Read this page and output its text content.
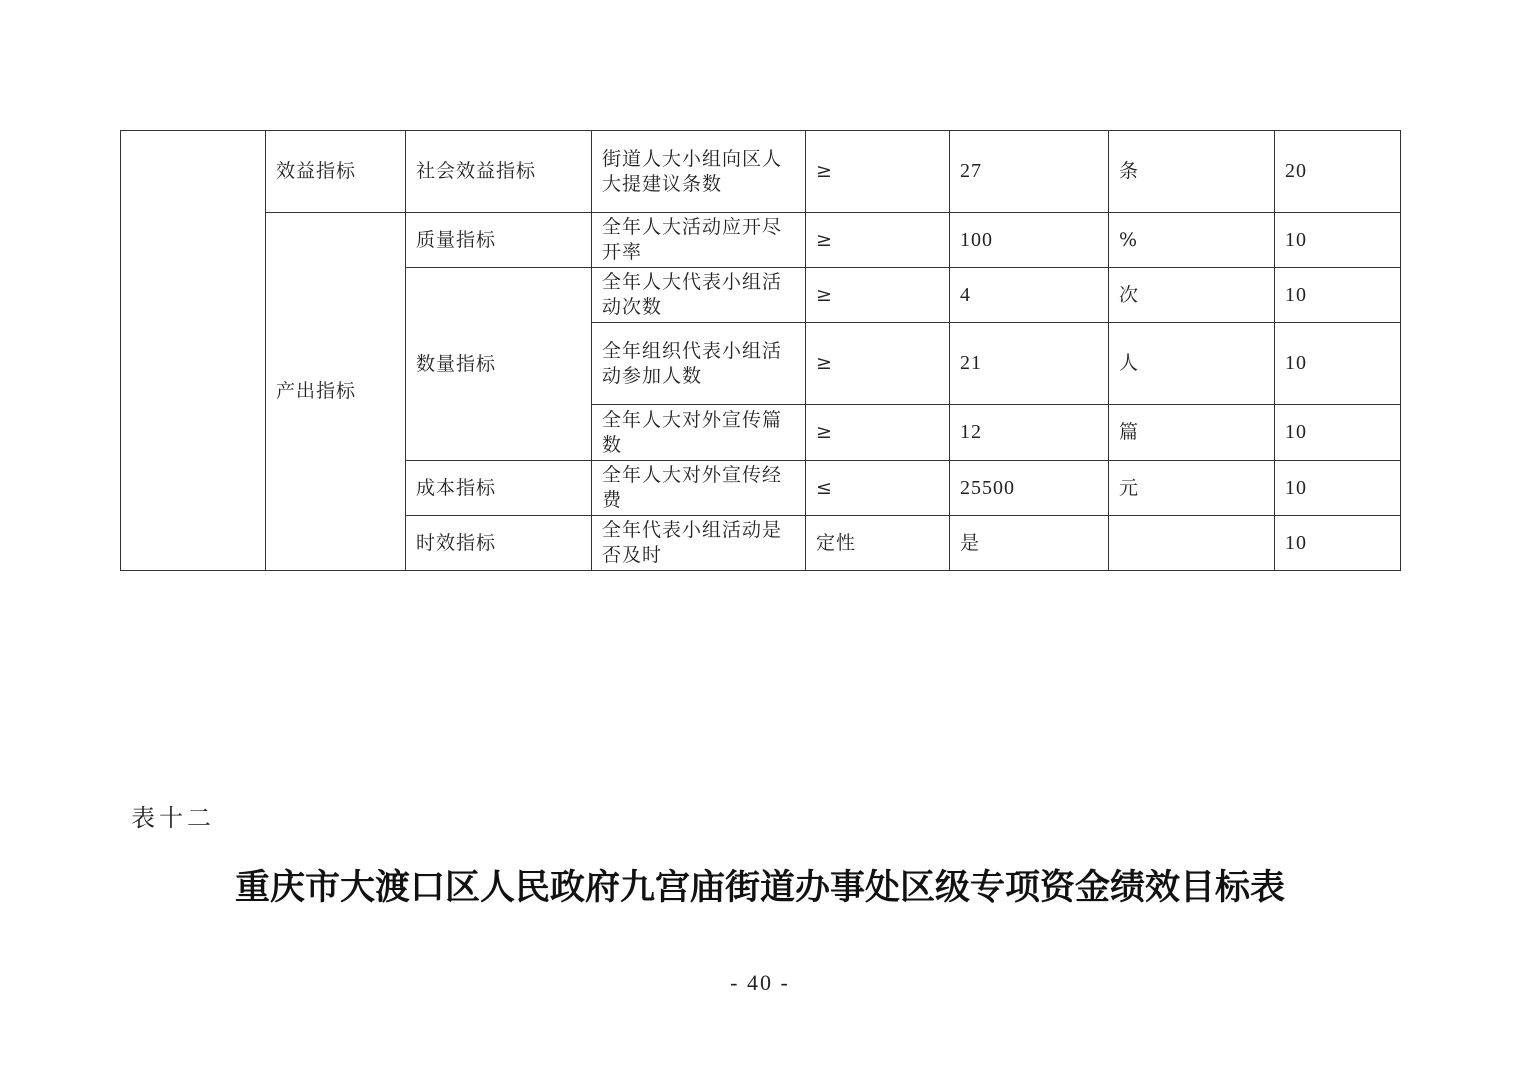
	效益指标	社会效益指标	街道人大小组向区人大提建议条数	≥	27	条	20
	产出指标	质量指标	全年人大活动应开尽开率	≥	100	%	10
		数量指标	全年人大代表小组活动次数	≥	4	次	10
			全年组织代表小组活动参加人数	≥	21	人	10
			全年人大对外宣传篇数	≥	12	篇	10
		成本指标	全年人大对外宣传经费	≤	25500	元	10
		时效指标	全年代表小组活动是否及时	定性	是		10
表十二
重庆市大渡口区人民政府九宫庙街道办事处区级专项资金绩效目标表
- 40 -
